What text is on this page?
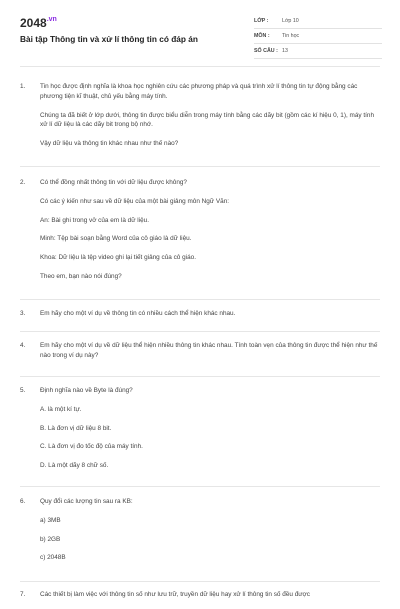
$2048^{.vn}$
Bài tập Thông tin và xử lí thông tin có đáp án
LỚP :	Lớp 10
MÔN :	Tin học
SỐ CÂU : 13
1.	Tin học được định nghĩa là khoa học nghiên cứu các phương pháp và quá trình xử lí thông tin tự động bằng các phương tiện kĩ thuật, chủ yếu bằng máy tính.

Chúng ta đã biết ở lớp dưới, thông tin được biểu diễn trong máy tính bằng các dãy bit (gồm các kí hiệu 0, 1), máy tính xử lí dữ liệu là các dãy bit trong bộ nhớ.

Vậy dữ liệu và thông tin khác nhau như thế nào?

2.	Có thể đồng nhất thông tin với dữ liệu được không?

Có các ý kiến như sau về dữ liệu của một bài giảng môn Ngữ Văn:

An: Bài ghi trong vở của em là dữ liệu.

Minh: Tệp bài soạn bằng Word của cô giáo là dữ liệu.

Khoa: Dữ liệu là tệp video ghi lại tiết giảng của cô giáo.

Theo em, bạn nào nói đúng?

3.	Em hãy cho một ví dụ về thông tin có nhiều cách thể hiện khác nhau.

4.	Em hãy cho một ví dụ về dữ liệu thể hiện nhiều thông tin khác nhau. Tính toàn vẹn của thông tin được thể hiện như thế nào trong ví dụ này?

5.	Định nghĩa nào về Byte là đúng?

A. là một kí tự.

B. Là đơn vị dữ liệu 8 bit.

C. Là đơn vị đo tốc độ của máy tính.

D. Là một dãy 8 chữ số.

6.	Quy đổi các lượng tin sau ra KB:

a) 3MB

b) 2GB

c) 2048B

7.	Các thiết bị làm việc với thông tin số như lưu trữ, truyền dữ liệu hay xử lí thông tin số đều được
